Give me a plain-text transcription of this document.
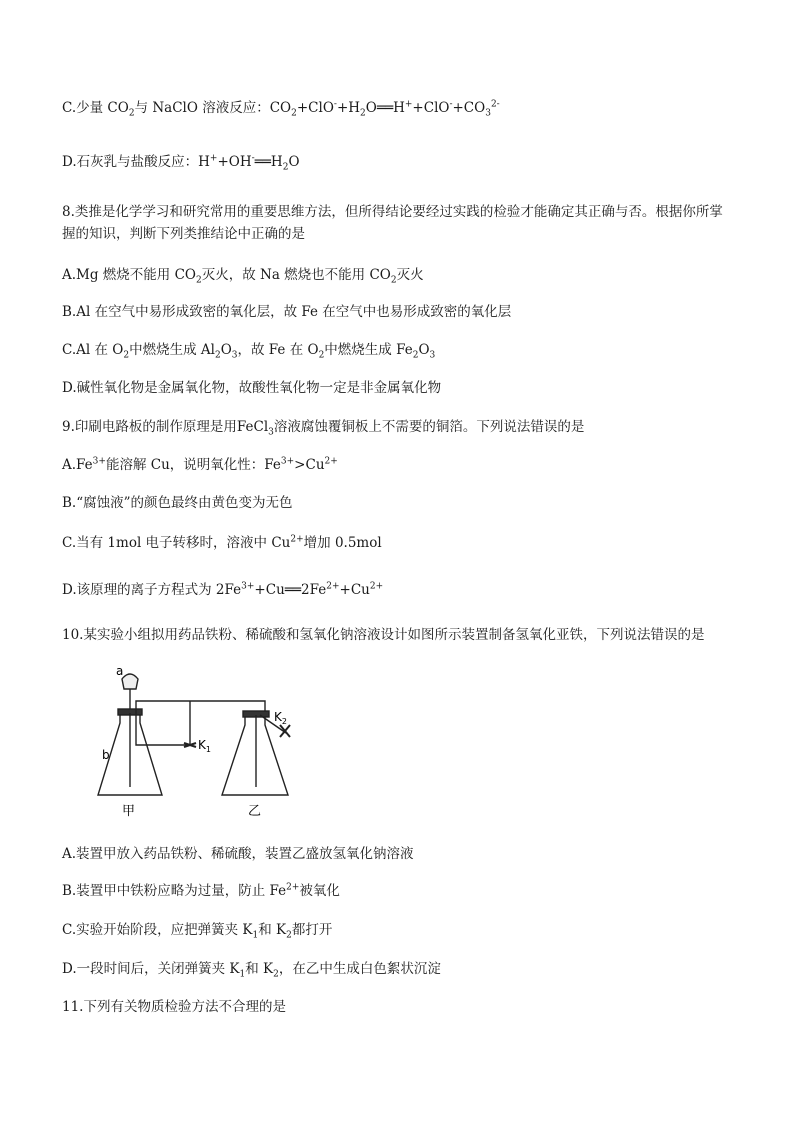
C.少量 $CO_2$与 NaClO 溶液反应：$CO_2+ClO^-+H_2O══H^++ClO^-+CO_3^{2-}$
D.石灰乳与盐酸反应：$H^++OH^-══H_2O$
8.类推是化学学习和研究常用的重要思维方法，但所得结论要经过实践的检验才能确定其正确与否。根据你所掌握的知识，判断下列类推结论中正确的是
A.Mg 燃烧不能用 $CO_2$灭火，故 Na 燃烧也不能用 $CO_2$灭火
B.Al 在空气中易形成致密的氧化层，故 Fe 在空气中也易形成致密的氧化层
C.Al 在 $O_2$中燃烧生成 $Al_2O_3$，故 Fe 在 $O_2$中燃烧生成 $Fe_2O_3$
D.碱性氧化物是金属氧化物，故酸性氧化物一定是非金属氧化物
9.印刷电路板的制作原理是用FeCl$_3$溶液腐蚀覆铜板上不需要的铜箔。下列说法错误的是
$A.Fe^{3+}$能溶解 Cu，说明氧化性：$Fe^{3+}>Cu^{2+}$
B.“腐蚀液”的颜色最终由黄色变为无色
C.当有 1mol 电子转移时，溶液中 $Cu^{2+}$增加 0.5mol
D.该原理的离子方程式为 $2Fe^{3+}+Cu══2Fe^{2+}+Cu^{2+}$
10.某实验小组拟用药品铁粉、稀硫酸和氢氧化钠溶液设计如图所示装置制备氢氧化亚铁，下列说法错误的是
a
b
$K_1$
$K_2$
甲	乙
A.装置甲放入药品铁粉、稀硫酸，装置乙盛放氢氧化钠溶液
B.装置甲中铁粉应略为过量，防止 $Fe^{2+}$被氧化
C.实验开始阶段，应把弹簧夹 $K_1$和 $K_2$都打开
D.一段时间后，关闭弹簧夹 $K_1$和 $K_2$，在乙中生成白色絮状沉淀
11.下列有关物质检验方法不合理的是
